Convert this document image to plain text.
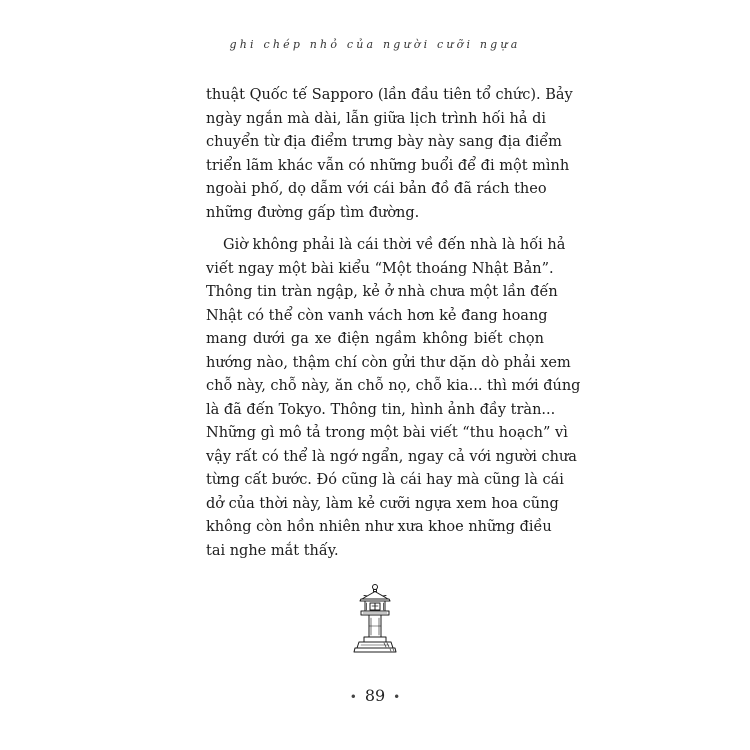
ghi chép nhỏ của người cưỡi ngựa
thuật Quốc tế Sapporo (lần đầu tiên tổ chức). Bảy
ngày ngắn mà dài, lẫn giữa lịch trình hối hả di
chuyển từ địa điểm trưng bày này sang địa điểm
triển lãm khác vẫn có những buổi để đi một mình
ngoài phố, dọ dẫm với cái bản đồ đã rách theo
những đường gấp tìm đường.
Giờ không phải là cái thời về đến nhà là hối hả
viết ngay một bài kiểu “Một thoáng Nhật Bản”.
Thông tin tràn ngập, kẻ ở nhà chưa một lần đến
Nhật có thể còn vanh vách hơn kẻ đang hoang
mang dưới ga xe điện ngầm không biết chọn
hướng nào, thậm chí còn gửi thư dặn dò phải xem
chỗ này, chỗ này, ăn chỗ nọ, chỗ kia... thì mới đúng
là đã đến Tokyo. Thông tin, hình ảnh đầy tràn...
Những gì mô tả trong một bài viết “thu hoạch” vì
vậy rất có thể là ngớ ngẩn, ngay cả với người chưa
từng cất bước. Đó cũng là cái hay mà cũng là cái
dở của thời này, làm kẻ cưỡi ngựa xem hoa cũng
không còn hồn nhiên như xưa khoe những điều
tai nghe mắt thấy.
• 89 •
